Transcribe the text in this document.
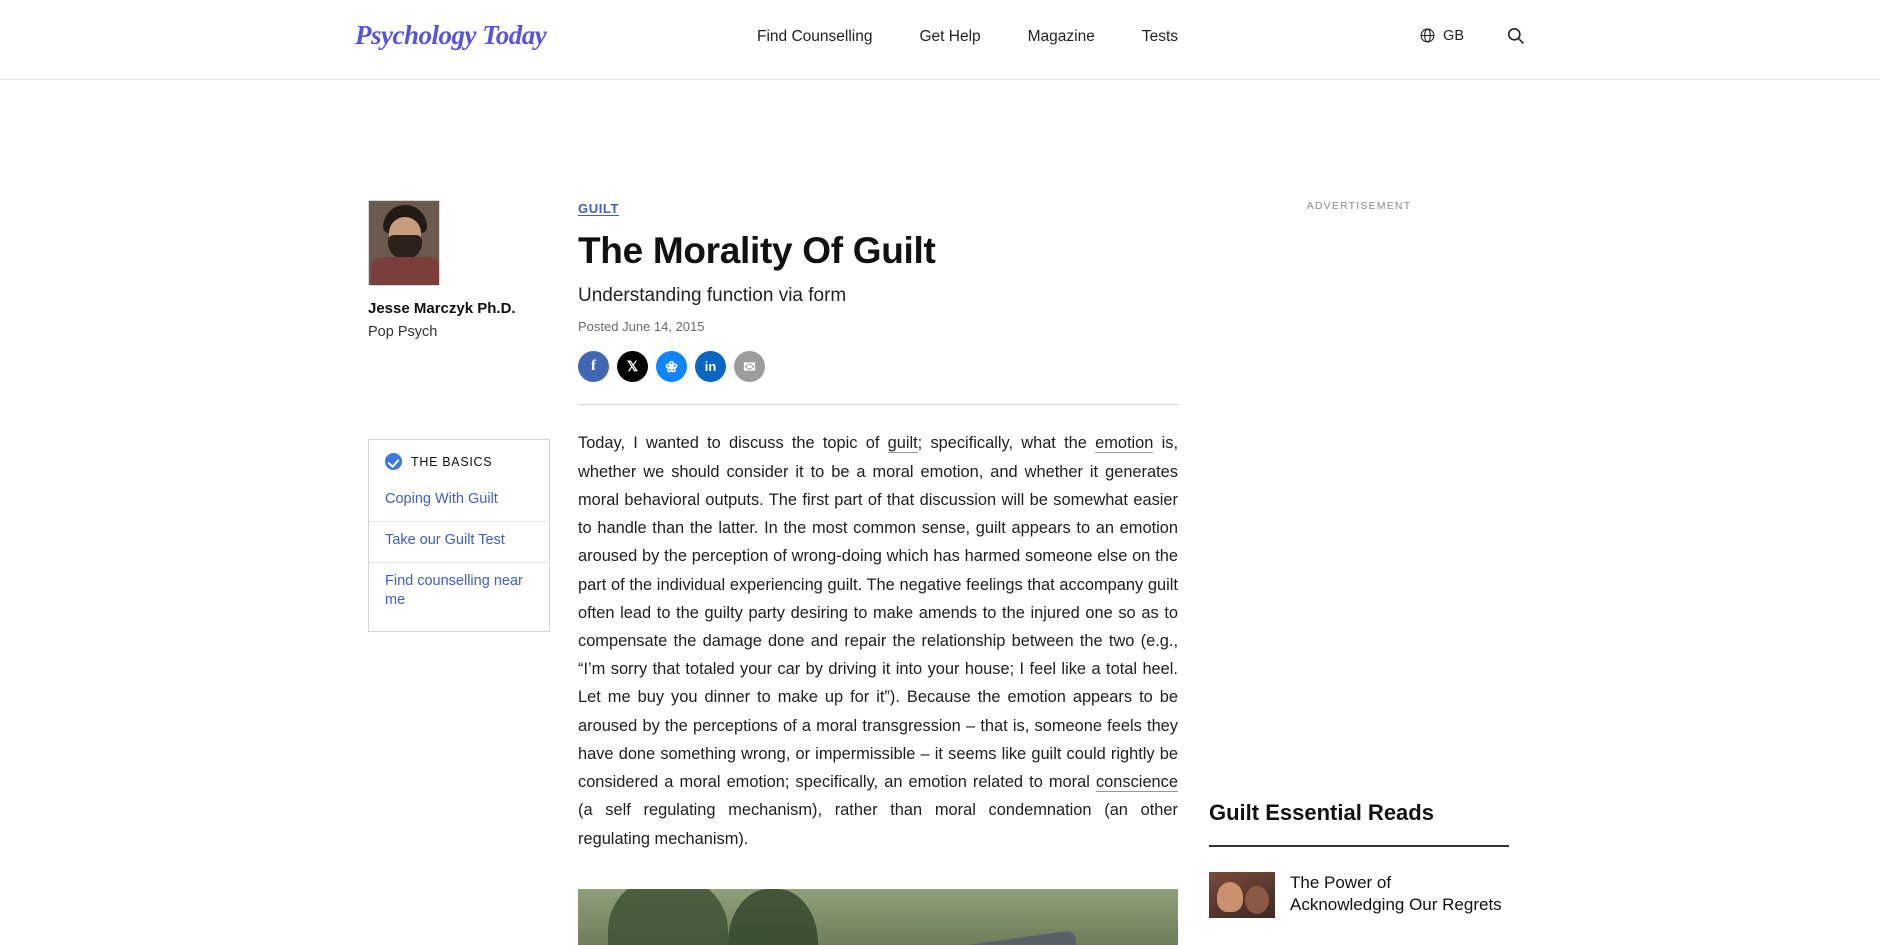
Psychology Today	Find Counselling	Get Help	Magazine	Tests	GB
Jesse Marczyk Ph.D.
Pop Psych
THE BASICS
Coping With Guilt
Take our Guilt Test
Find counselling near me
GUILT
The Morality Of Guilt
Understanding function via form
Posted June 14, 2015
f	𝕏	❀	in	✉

Today, I wanted to discuss the topic of guilt; specifically, what the emotion is, whether we should consider it to be a moral emotion, and whether it generates moral behavioral outputs. The first part of that discussion will be somewhat easier to handle than the latter. In the most common sense, guilt appears to an emotion aroused by the perception of wrong-doing which has harmed someone else on the part of the individual experiencing guilt. The negative feelings that accompany guilt often lead to the guilty party desiring to make amends to the injured one so as to compensate the damage done and repair the relationship between the two (e.g., “I’m sorry that totaled your car by driving it into your house; I feel like a total heel. Let me buy you dinner to make up for it”). Because the emotion appears to be aroused by the perceptions of a moral transgression – that is, someone feels they have done something wrong, or impermissible – it seems like guilt could rightly be considered a moral emotion; specifically, an emotion related to moral conscience (a self regulating mechanism), rather than moral condemnation (an other regulating mechanism).

ADVERTISEMENT
Guilt Essential Reads
The Power of Acknowledging Our Regrets
